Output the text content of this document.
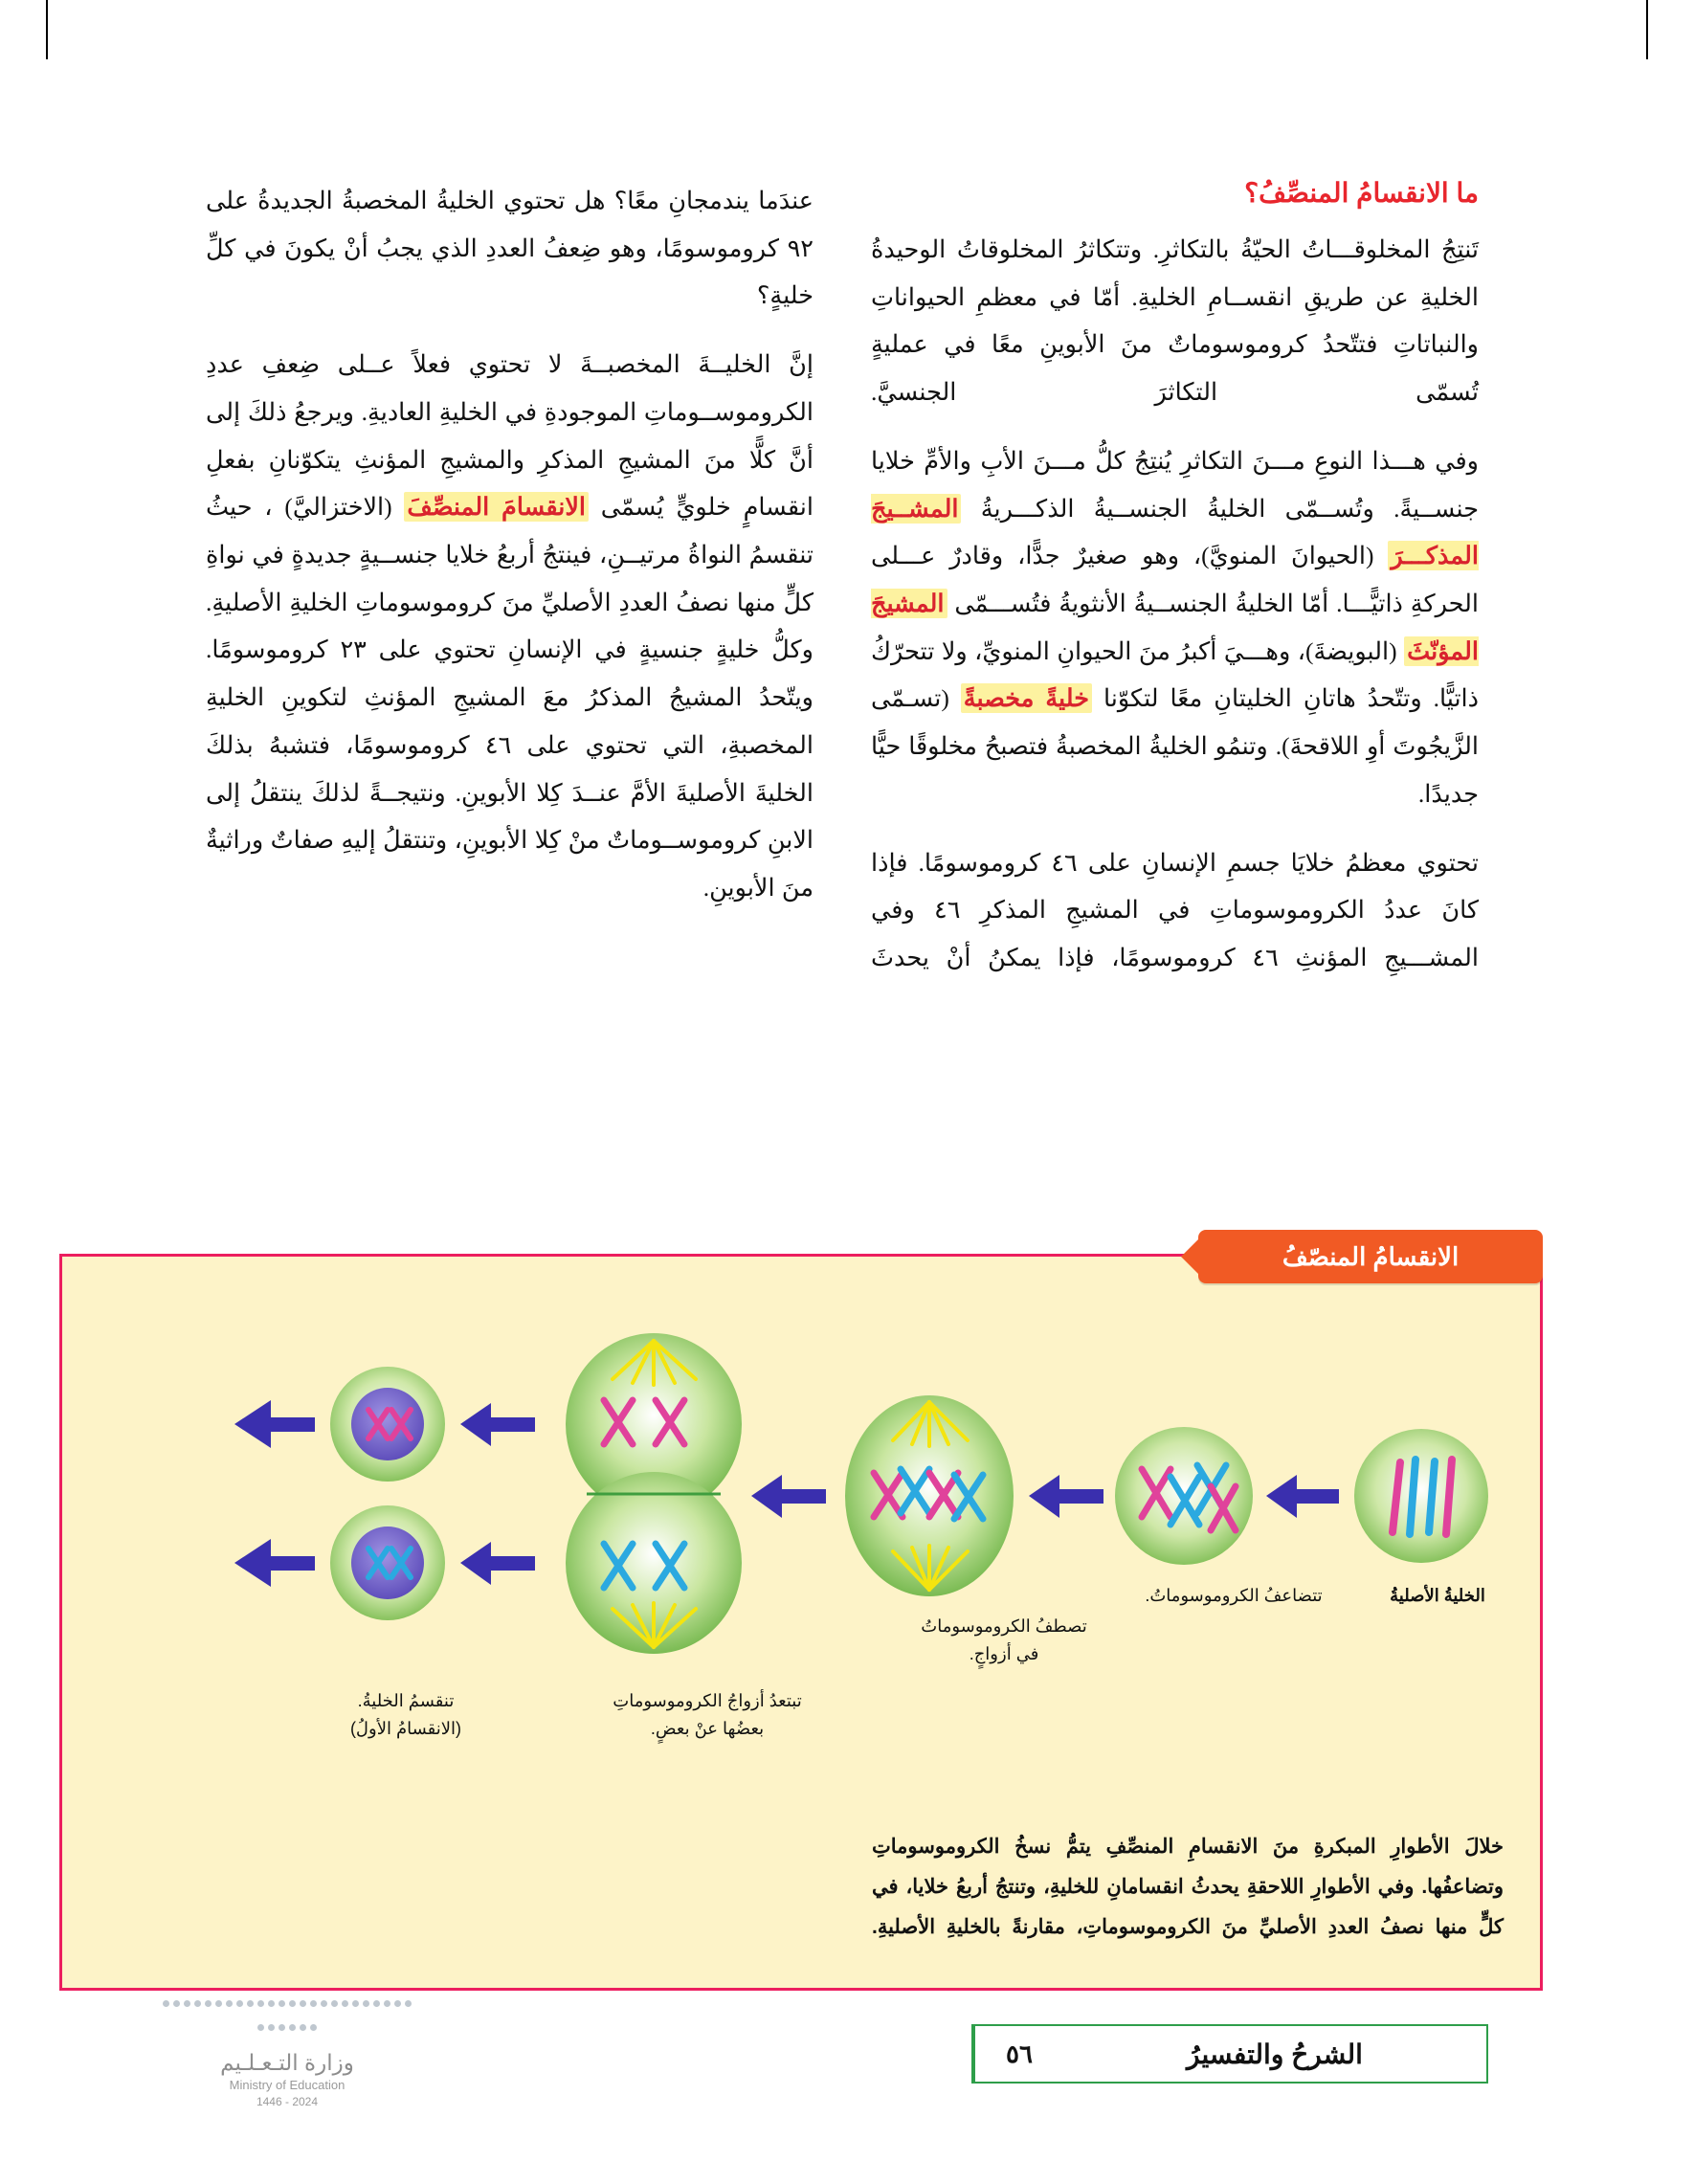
ما الانقسامُ المنصِّفُ؟

تَنتِجُ المخلوقـــاتُ الحيّةُ بالتكاثرِ. وتتكاثرُ المخلوقاتُ الوحيدةُ الخليةِ عن طريقِ انقســامِ الخليةِ. أمّا في معظمِ الحيواناتِ والنباتاتِ فتتّحدُ كروموسوماتٌ منَ الأبوينِ معًا في عمليةٍ تُسمّى التكاثرَ الجنسيَّ.

وفي هـــذا النوعِ مـــنَ التكاثرِ يُنتِجُ كلُّ مـــنَ الأبِ والأمِّ خلايا جنســيةً. وتُســمّى الخليةُ الجنســيةُ الذكـــريةُ المشــيجَ المذكـــرَ (الحيوانَ المنويَّ)، وهو صغيرٌ جدًّا، وقادرٌ عـــلى الحركةِ ذاتيًّـــا. أمّا الخليةُ الجنســيةُ الأنثويةُ فتُســـمّى المشيجَ المؤنّثَ (البويضةَ)، وهـــيَ أكبرُ منَ الحيوانِ المنويِّ، ولا تتحرّكُ ذاتيًّا. وتتّحدُ هاتانِ الخليتانِ معًا لتكوّنا خليةً مخصبةً (تسـمّى الزَّيجُوتَ أوِ اللاقحةَ). وتنمُو الخليةُ المخصبةُ فتصبحُ مخلوقًا حيًّا جديدًا.

تحتوي معظمُ خلايَا جسمِ الإنسانِ على ٤٦ كروموسومًا. فإذا كانَ عددُ الكروموسوماتِ في المشيجِ المذكرِ ٤٦ وفي المشـــيجِ المؤنثِ ٤٦ كروموسومًا، فإذا يمكنُ أنْ يحدثَ

عندَما يندمجانِ معًا؟ هل تحتوي الخليةُ المخصبةُ الجديدةُ على ٩٢ كروموسومًا، وهو ضِعفُ العددِ الذي يجبُ أنْ يكونَ في كلِّ خليةٍ؟

إنَّ الخليــةَ المخصبــةَ لا تحتوي فعلاً عــلى ضِعفِ عددِ الكروموســوماتِ الموجودةِ في الخليةِ العاديةِ. ويرجعُ ذلكَ إلى أنَّ كلًّا منَ المشيجِ المذكرِ والمشيجِ المؤنثِ يتكوّنانِ بفعلِ انقسامٍ خلويٍّ يُسمّى الانقسامَ المنصِّفَ (الاختزاليَّ) ، حيثُ تنقسمُ النواةُ مرتيــنِ، فينتجُ أربعُ خلايا جنســيةٍ جديدةٍ في نواةِ كلٍّ منها نصفُ العددِ الأصليِّ منَ كروموسوماتِ الخليةِ الأصليةِ. وكلُّ خليةٍ جنسيةٍ في الإنسانِ تحتوي على ٢٣ كروموسومًا. ويتّحدُ المشيجُ المذكرُ معَ المشيجِ المؤنثِ لتكوينِ الخليةِ المخصبةِ، التي تحتوي على ٤٦ كروموسومًا، فتشبهُ بذلكَ الخليةَ الأصليةَ الأمَّ عنــدَ كِلا الأبوينِ. ونتيجــةً لذلكَ ينتقلُ إلى الابنِ كروموســوماتٌ منْ كِلا الأبوينِ، وتنتقلُ إليهِ صفاتٌ وراثيةٌ منَ الأبوينِ.

الانقسامُ المنصّفُ
الخليةُ الأصليةُ
تتضاعفُ الكروموسوماتُ.
تصطفُ الكروموسوماتُ
في أزواجٍ.
تبتعدُ أزواجُ الكروموسوماتِ
بعضُها عنْ بعضٍ.
تنقسمُ الخليةُ.
(الانقسامُ الأولُ)
خلالَ الأطوارِ المبكرةِ منَ الانقسامِ المنصِّفِ يتمُّ نسخُ الكروموسوماتِ وتضاعفُها. وفي الأطوارِ اللاحقةِ يحدثُ انقسامانِ للخليةِ، وتنتجُ أربعُ خلايا، في كلٍّ منها نصفُ العددِ الأصليِّ منَ الكروموسوماتِ، مقارنةً بالخليةِ الأصليةِ.
الشرحُ والتفسيرُ
٥٦
وزارة التـعـلـيم
Ministry of Education
2024 - 1446
